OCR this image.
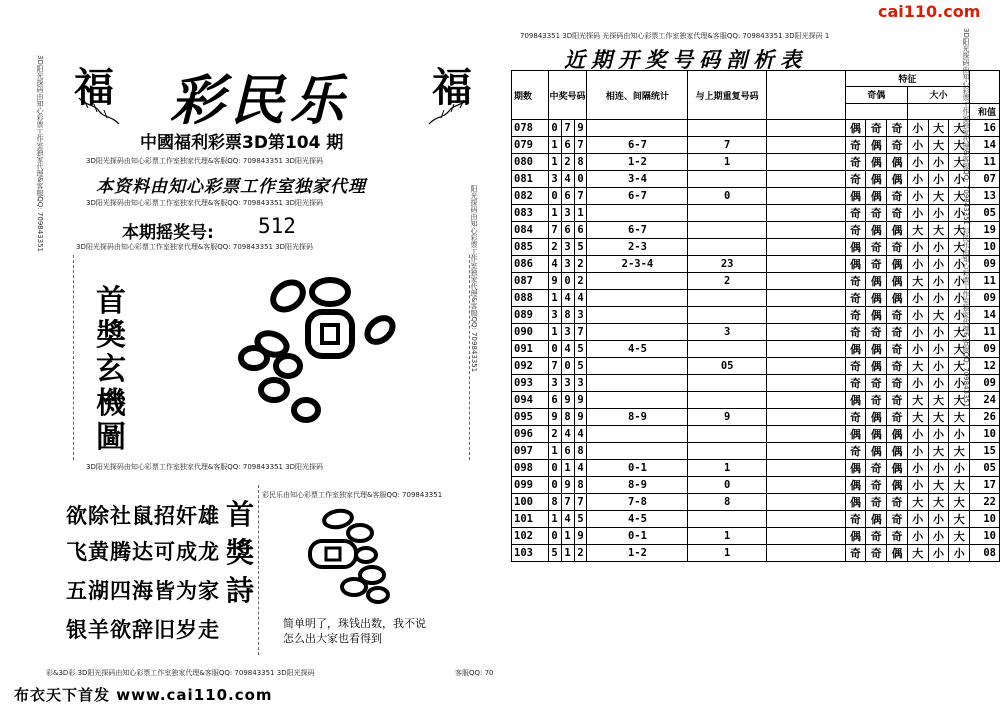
3D阳光探码由知心彩票工作室独家代理&客服QQ: 709843351
阳光探码由知心彩票工作室独家代理&客服QQ: 709843351
福	福
彩民乐
中國福利彩票3D第104 期
3D阳光探码由知心彩票工作室独家代理&客服QQ: 709843351 3D阳光探码
本资料由知心彩票工作室独家代理
3D阳光探码由知心彩票工作室独家代理&客服QQ: 709843351 3D阳光探码
本期摇奖号: 512
3D阳光探码由知心彩票工作室独家代理&客服QQ: 709843351 3D阳光探码
首
奬
玄
機
圖
3D阳光探码由知心彩票工作室独家代理&客服QQ: 709843351 3D阳光探码
欲除社鼠招奸雄
飞黄腾达可成龙
五湖四海皆为家
银羊欲辞旧岁走
首
獎
詩
彩民乐由知心彩票工作室独家代理&客服QQ: 709843351
简单明了，珠钱出数，我不说
怎么出大家也看得到
彩&3D彩 3D阳光探码由知心彩票工作室独家代理&客服QQ: 709843351 3D阳光探码	客服QQ: 70
布衣天下首发 www.cai110.com
cai110.com
709843351 3D阳光探码 光探码由知心彩票工作室独家代理&客服QQ: 709843351 3D阳光探码 1	3D阳光探码由知心彩票工作室独家代理&客服QQ: 709843351 彩民乐由知心彩票工作室独家代理&客服QQ: 709843351
近期开奖号码剖析表
期数	中奖号码			相连、间隔统计	与上期重复号码		特征						
							奇偶			大小			
													和值
078	0	7	9				偶	奇	奇	小	大	大	16
079	1	6	7	6-7	7		奇	偶	奇	小	大	大	14
080	1	2	8	1-2	1		奇	偶	偶	小	小	大	11
081	3	4	0	3-4			奇	偶	偶	小	小	小	07
082	0	6	7	6-7	0		偶	偶	奇	小	大	大	13
083	1	3	1				奇	奇	奇	小	小	小	05
084	7	6	6	6-7			奇	偶	偶	大	大	大	19
085	2	3	5	2-3			偶	奇	奇	小	小	大	10
086	4	3	2	2-3-4	23		偶	奇	偶	小	小	小	09
087	9	0	2		2		奇	偶	偶	大	小	小	11
088	1	4	4				奇	偶	偶	小	小	小	09
089	3	8	3				奇	偶	奇	小	大	小	14
090	1	3	7		3		奇	奇	奇	小	小	大	11
091	0	4	5	4-5			偶	偶	奇	小	小	大	09
092	7	0	5		05		奇	偶	奇	大	小	大	12
093	3	3	3				奇	奇	奇	小	小	小	09
094	6	9	9				偶	奇	奇	大	大	大	24
095	9	8	9	8-9	9		奇	偶	奇	大	大	大	26
096	2	4	4				偶	偶	偶	小	小	小	10
097	1	6	8				奇	偶	偶	小	大	大	15
098	0	1	4	0-1	1		偶	奇	偶	小	小	小	05
099	0	9	8	8-9	0		偶	奇	偶	小	大	大	17
100	8	7	7	7-8	8		偶	奇	奇	大	大	大	22
101	1	4	5	4-5			奇	偶	奇	小	小	大	10
102	0	1	9	0-1	1		偶	奇	奇	小	小	大	10
103	5	1	2	1-2	1		奇	奇	偶	大	小	小	08
